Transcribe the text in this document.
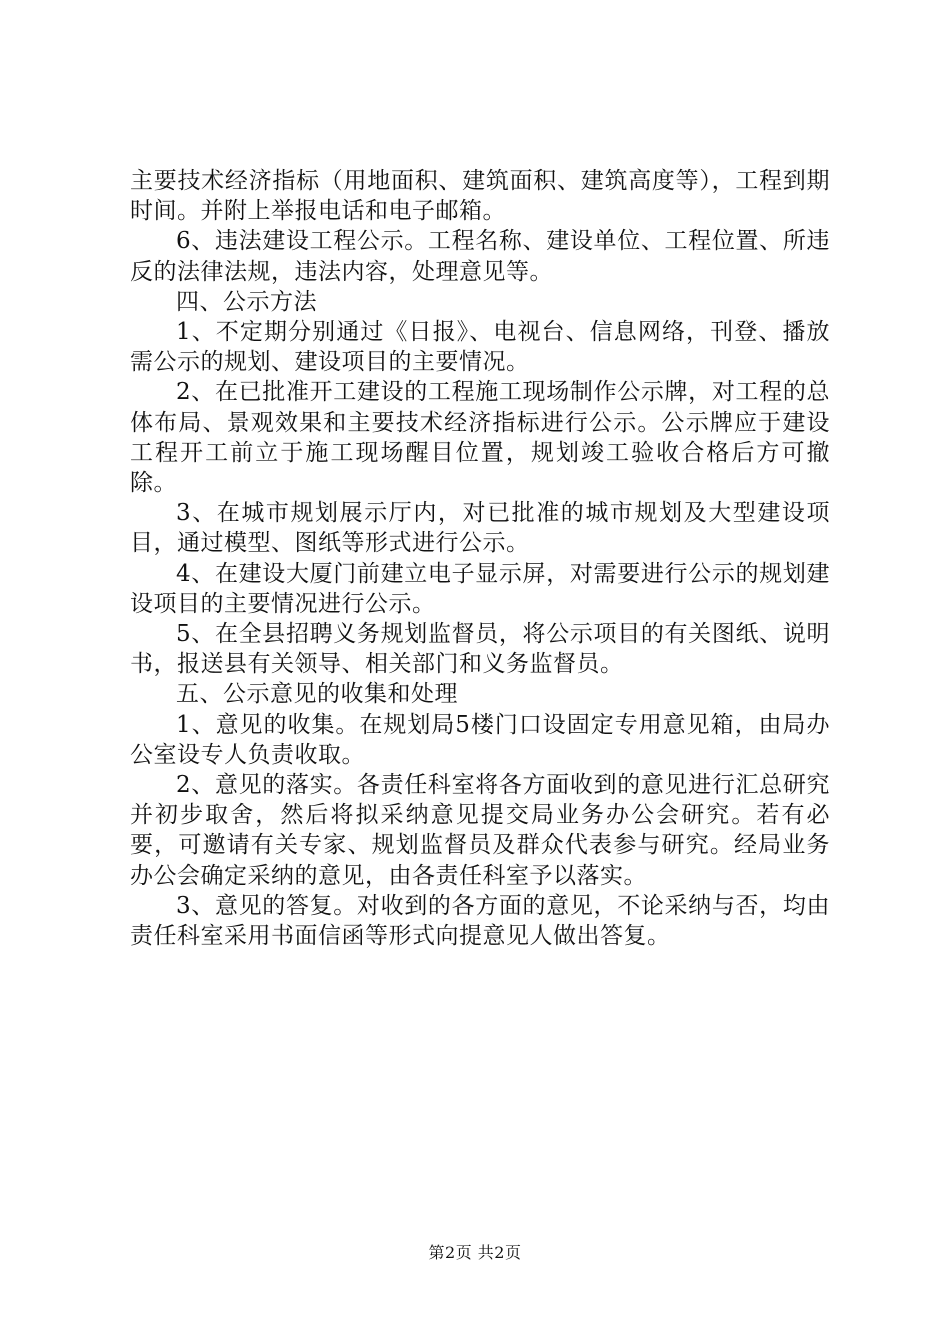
主要技术经济指标（用地面积、建筑面积、建筑高度等），工程到期时间。并附上举报电话和电子邮箱。

6、违法建设工程公示。工程名称、建设单位、工程位置、所违反的法律法规，违法内容，处理意见等。

四、公示方法

1、不定期分别通过《日报》、电视台、信息网络，刊登、播放需公示的规划、建设项目的主要情况。

2、在已批准开工建设的工程施工现场制作公示牌，对工程的总体布局、景观效果和主要技术经济指标进行公示。公示牌应于建设工程开工前立于施工现场醒目位置，规划竣工验收合格后方可撤除。

3、在城市规划展示厅内，对已批准的城市规划及大型建设项目，通过模型、图纸等形式进行公示。

4、在建设大厦门前建立电子显示屏，对需要进行公示的规划建设项目的主要情况进行公示。

5、在全县招聘义务规划监督员，将公示项目的有关图纸、说明书，报送县有关领导、相关部门和义务监督员。

五、公示意见的收集和处理

1、意见的收集。在规划局5楼门口设固定专用意见箱，由局办公室设专人负责收取。

2、意见的落实。各责任科室将各方面收到的意见进行汇总研究并初步取舍，然后将拟采纳意见提交局业务办公会研究。若有必要，可邀请有关专家、规划监督员及群众代表参与研究。经局业务办公会确定采纳的意见，由各责任科室予以落实。

3、意见的答复。对收到的各方面的意见，不论采纳与否，均由责任科室采用书面信函等形式向提意见人做出答复。

第2页 共2页
